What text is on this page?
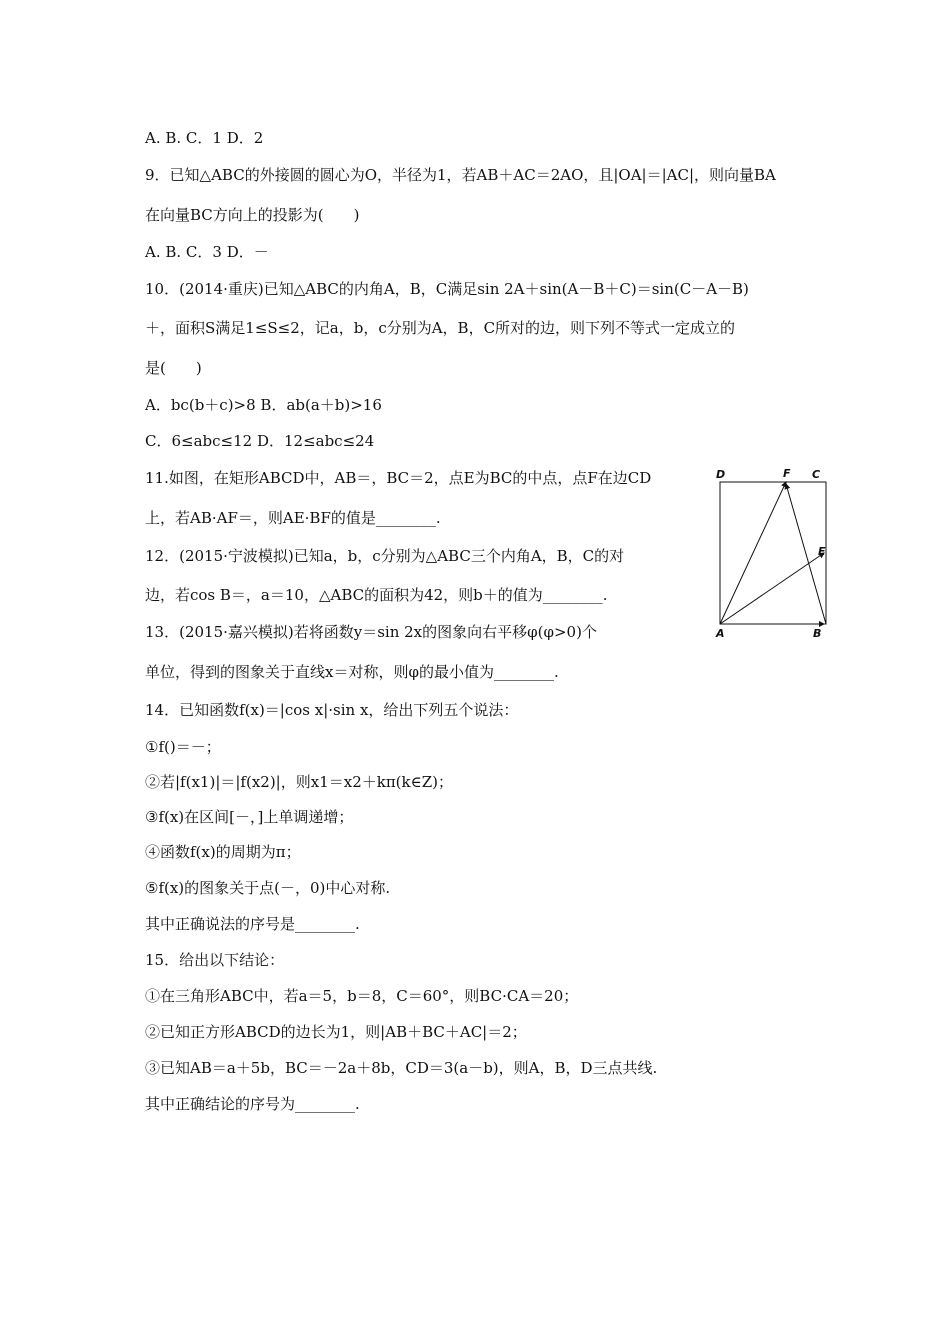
A. B. C．1 D．2
9．已知△ABC的外接圆的圆心为O，半径为1，若AB＋AC＝2AO，且|OA|＝|AC|，则向量BA
在向量BC方向上的投影为(　　)
A. B. C．3 D．－
10．(2014·重庆)已知△ABC的内角A，B，C满足sin 2A＋sin(A－B＋C)＝sin(C－A－B)
＋，面积S满足1≤S≤2，记a，b，c分别为A，B，C所对的边，则下列不等式一定成立的
是(　　)
A．bc(b＋c)>8 B．ab(a＋b)>16
C．6≤abc≤12 D．12≤abc≤24
11.如图，在矩形ABCD中，AB＝，BC＝2，点E为BC的中点，点F在边CD
上，若AB·AF＝，则AE·BF的值是________.
12．(2015·宁波模拟)已知a，b，c分别为△ABC三个内角A，B，C的对
边，若cos B＝，a＝10，△ABC的面积为42，则b＋的值为________.
13．(2015·嘉兴模拟)若将函数y＝sin 2x的图象向右平移φ(φ>0)个
单位，得到的图象关于直线x＝对称，则φ的最小值为________.
14．已知函数f(x)＝|cos x|·sin x，给出下列五个说法：
①f()＝－；
②若|f(x1)|＝|f(x2)|，则x1＝x2＋kπ(k∈Z)；
③f(x)在区间[－，]上单调递增；
④函数f(x)的周期为π；
⑤f(x)的图象关于点(－，0)中心对称.
其中正确说法的序号是________.
15．给出以下结论：
①在三角形ABC中，若a＝5，b＝8，C＝60°，则BC·CA＝20；
②已知正方形ABCD的边长为1，则|AB＋BC＋AC|＝2；
③已知AB＝a＋5b，BC＝－2a＋8b，CD＝3(a－b)，则A，B，D三点共线.
其中正确结论的序号为________.
D	F C
E
A	B
